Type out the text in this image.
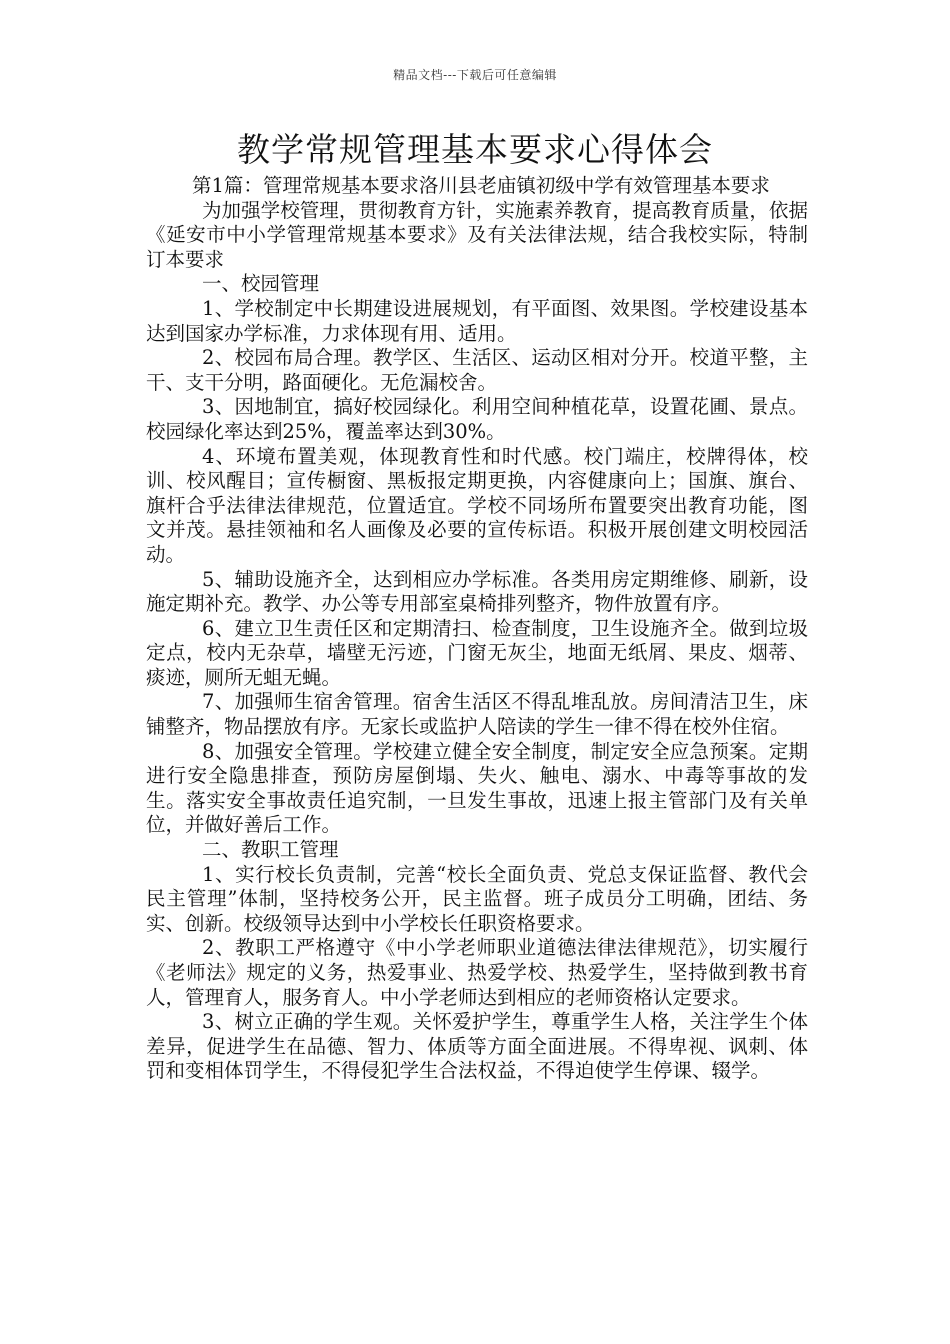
精品文档---下载后可任意编辑
教学常规管理基本要求心得体会

第1篇：管理常规基本要求洛川县老庙镇初级中学有效管理基本要求

为加强学校管理，贯彻教育方针，实施素养教育，提高教育质量，依据《延安市中小学管理常规基本要求》及有关法律法规，结合我校实际，特制订本要求

一、校园管理

1、学校制定中长期建设进展规划，有平面图、效果图。学校建设基本达到国家办学标准，力求体现有用、适用。

2、校园布局合理。教学区、生活区、运动区相对分开。校道平整，主干、支干分明，路面硬化。无危漏校舍。

3、因地制宜，搞好校园绿化。利用空间种植花草，设置花圃、景点。校园绿化率达到25%，覆盖率达到30%。

4、环境布置美观，体现教育性和时代感。校门端庄，校牌得体，校训、校风醒目；宣传橱窗、黑板报定期更换，内容健康向上；国旗、旗台、旗杆合乎法律法律规范，位置适宜。学校不同场所布置要突出教育功能，图文并茂。悬挂领袖和名人画像及必要的宣传标语。积极开展创建文明校园活动。

5、辅助设施齐全，达到相应办学标准。各类用房定期维修、刷新，设施定期补充。教学、办公等专用部室桌椅排列整齐，物件放置有序。

6、建立卫生责任区和定期清扫、检查制度，卫生设施齐全。做到垃圾定点，校内无杂草，墙壁无污迹，门窗无灰尘，地面无纸屑、果皮、烟蒂、痰迹，厕所无蛆无蝇。

7、加强师生宿舍管理。宿舍生活区不得乱堆乱放。房间清洁卫生，床铺整齐，物品摆放有序。无家长或监护人陪读的学生一律不得在校外住宿。

8、加强安全管理。学校建立健全安全制度，制定安全应急预案。定期进行安全隐患排查，预防房屋倒塌、失火、触电、溺水、中毒等事故的发生。落实安全事故责任追究制，一旦发生事故，迅速上报主管部门及有关单位，并做好善后工作。

二、教职工管理

1、实行校长负责制，完善“校长全面负责、党总支保证监督、教代会民主管理”体制，坚持校务公开，民主监督。班子成员分工明确，团结、务实、创新。校级领导达到中小学校长任职资格要求。

2、教职工严格遵守《中小学老师职业道德法律法律规范》，切实履行《老师法》规定的义务，热爱事业、热爱学校、热爱学生，坚持做到教书育人，管理育人，服务育人。中小学老师达到相应的老师资格认定要求。

3、树立正确的学生观。关怀爱护学生，尊重学生人格，关注学生个体差异，促进学生在品德、智力、体质等方面全面进展。不得卑视、讽刺、体罚和变相体罚学生，不得侵犯学生合法权益，不得迫使学生停课、辍学。
